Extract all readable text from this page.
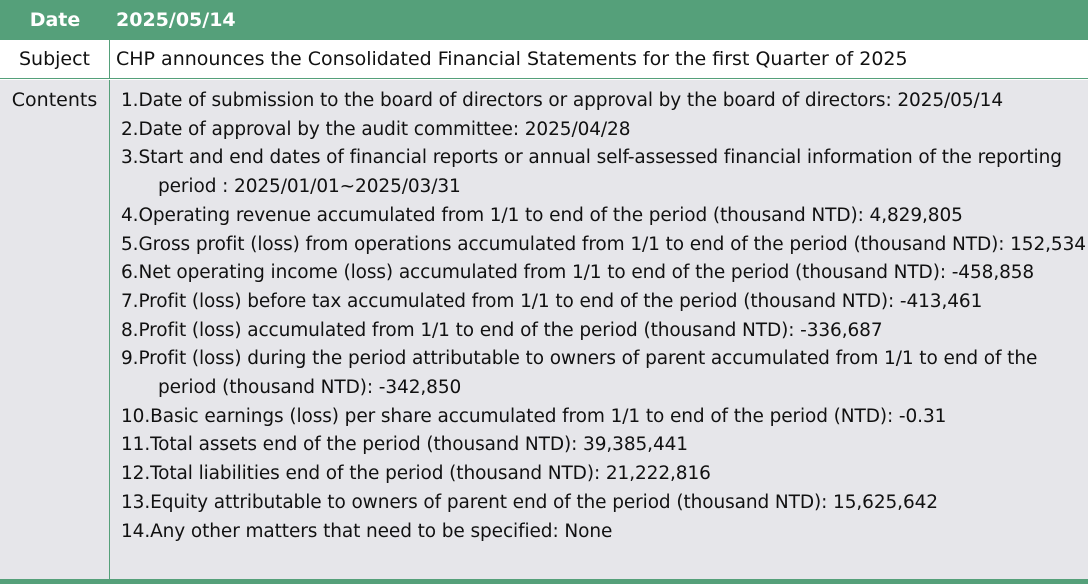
Date	2025/05/14
Subject	CHP announces the Consolidated Financial Statements for the first Quarter of 2025
Contents	1.Date of submission to the board of directors or approval by the board of directors: 2025/05/14
2.Date of approval by the audit committee: 2025/04/28
3.Start and end dates of financial reports or annual self-assessed financial information of the reporting period : 2025/01/01~2025/03/31
4.Operating revenue accumulated from 1/1 to end of the period (thousand NTD): 4,829,805
5.Gross profit (loss) from operations accumulated from 1/1 to end of the period (thousand NTD): 152,534
6.Net operating income (loss) accumulated from 1/1 to end of the period (thousand NTD): -458,858
7.Profit (loss) before tax accumulated from 1/1 to end of the period (thousand NTD): -413,461
8.Profit (loss) accumulated from 1/1 to end of the period (thousand NTD): -336,687
9.Profit (loss) during the period attributable to owners of parent accumulated from 1/1 to end of the period (thousand NTD): -342,850
10.Basic earnings (loss) per share accumulated from 1/1 to end of the period (NTD): -0.31
11.Total assets end of the period (thousand NTD): 39,385,441
12.Total liabilities end of the period (thousand NTD): 21,222,816
13.Equity attributable to owners of parent end of the period (thousand NTD): 15,625,642
14.Any other matters that need to be specified: None
